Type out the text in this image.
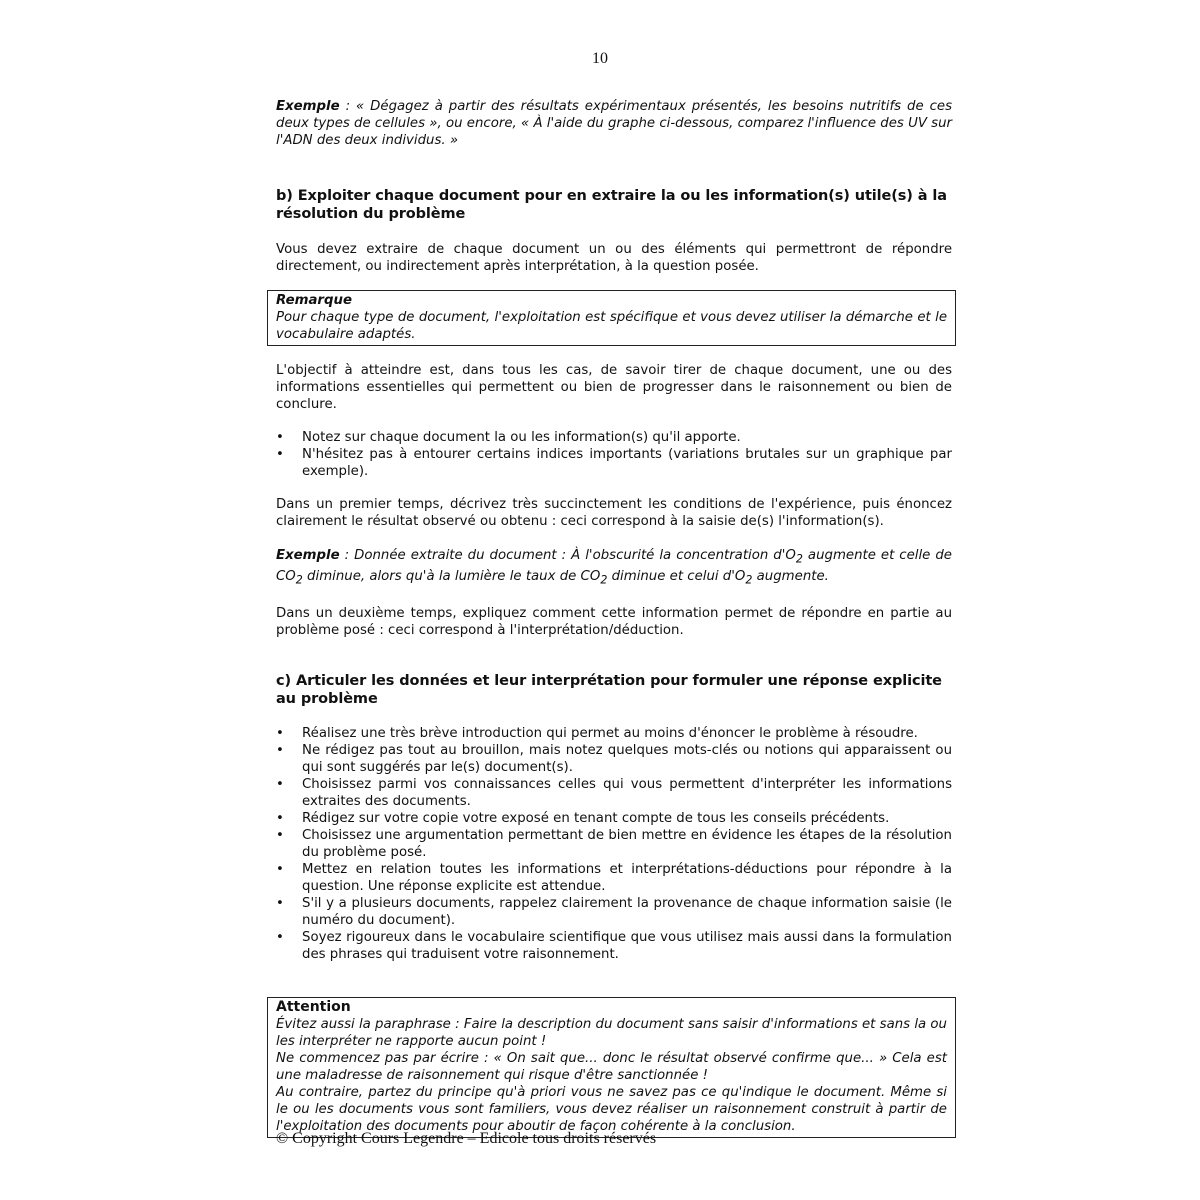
10

Exemple : « Dégagez à partir des résultats expérimentaux présentés, les besoins nutritifs de ces deux types de cellules », ou encore, « À l'aide du graphe ci-dessous, comparez l'influence des UV sur l'ADN des deux individus. »

b) Exploiter chaque document pour en extraire la ou les information(s) utile(s) à la résolution du problème

Vous devez extraire de chaque document un ou des éléments qui permettront de répondre directement, ou indirectement après interprétation, à la question posée.

Remarque

Pour chaque type de document, l'exploitation est spécifique et vous devez utiliser la démarche et le vocabulaire adaptés.

L'objectif à atteindre est, dans tous les cas, de savoir tirer de chaque document, une ou des informations essentielles qui permettent ou bien de progresser dans le raisonnement ou bien de conclure.

• Notez sur chaque document la ou les information(s) qu'il apporte.
• N'hésitez pas à entourer certains indices importants (variations brutales sur un graphique par exemple).

Dans un premier temps, décrivez très succinctement les conditions de l'expérience, puis énoncez clairement le résultat observé ou obtenu : ceci correspond à la saisie de(s) l'information(s).

Exemple : Donnée extraite du document : À l'obscurité la concentration $d'O_2$ augmente et celle de $CO_2$ diminue, alors qu'à la lumière le taux de $CO_2$ diminue et celui $d'O_2$ augmente.

Dans un deuxième temps, expliquez comment cette information permet de répondre en partie au problème posé : ceci correspond à l'interprétation/déduction.

c) Articuler les données et leur interprétation pour formuler une réponse explicite au problème
• Réalisez une très brève introduction qui permet au moins d'énoncer le problème à résoudre.
• Ne rédigez pas tout au brouillon, mais notez quelques mots-clés ou notions qui apparaissent ou qui sont suggérés par le(s) document(s).
• Choisissez parmi vos connaissances celles qui vous permettent d'interpréter les informations extraites des documents.
• Rédigez sur votre copie votre exposé en tenant compte de tous les conseils précédents.
• Choisissez une argumentation permettant de bien mettre en évidence les étapes de la résolution du problème posé.
• Mettez en relation toutes les informations et interprétations-déductions pour répondre à la question. Une réponse explicite est attendue.
• S'il y a plusieurs documents, rappelez clairement la provenance de chaque information saisie (le numéro du document).
• Soyez rigoureux dans le vocabulaire scientifique que vous utilisez mais aussi dans la formulation des phrases qui traduisent votre raisonnement.

Attention

Évitez aussi la paraphrase : Faire la description du document sans saisir d'informations et sans la ou les interpréter ne rapporte aucun point !

Ne commencez pas par écrire : « On sait que... donc le résultat observé confirme que... » Cela est une maladresse de raisonnement qui risque d'être sanctionnée !

Au contraire, partez du principe qu'à priori vous ne savez pas ce qu'indique le document. Même si le ou les documents vous sont familiers, vous devez réaliser un raisonnement construit à partir de l'exploitation des documents pour aboutir de façon cohérente à la conclusion.

© Copyright Cours Legendre – Edicole tous droits réservés
